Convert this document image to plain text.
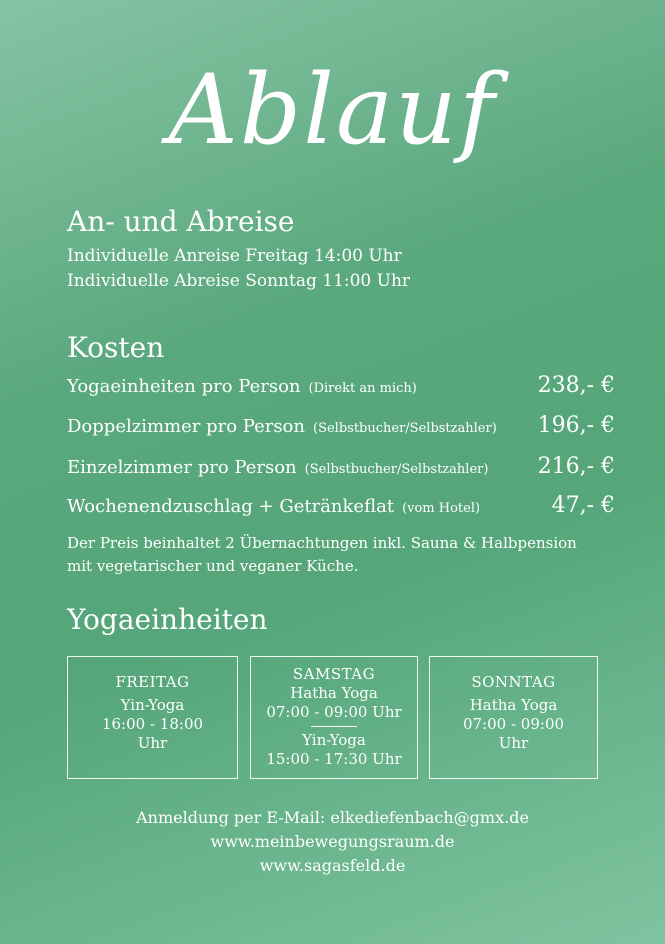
Ablauf
An- und Abreise
Individuelle Anreise Freitag 14:00 Uhr
Individuelle Abreise Sonntag 11:00 Uhr
Kosten
Yogaeinheiten pro Person (Direkt an mich)	238,- €
Doppelzimmer pro Person (Selbstbucher/Selbstzahler) 196,- €
Einzelzimmer pro Person (Selbstbucher/Selbstzahler) 216,- €
Wochenendzuschlag + Getränkeflat (vom Hotel)	47,- €
Der Preis beinhaltet 2 Übernachtungen inkl. Sauna & Halbpension
mit vegetarischer und veganer Küche.
Yogaeinheiten
FREITAG
Yin-Yoga
16:00 - 18:00
Uhr
SAMSTAG
Hatha Yoga
07:00 - 09:00 Uhr
Yin-Yoga
15:00 - 17:30 Uhr
SONNTAG
Hatha Yoga
07:00 - 09:00
Uhr
Anmeldung per E-Mail: elkediefenbach@gmx.de
www.meinbewegungsraum.de
www.sagasfeld.de
